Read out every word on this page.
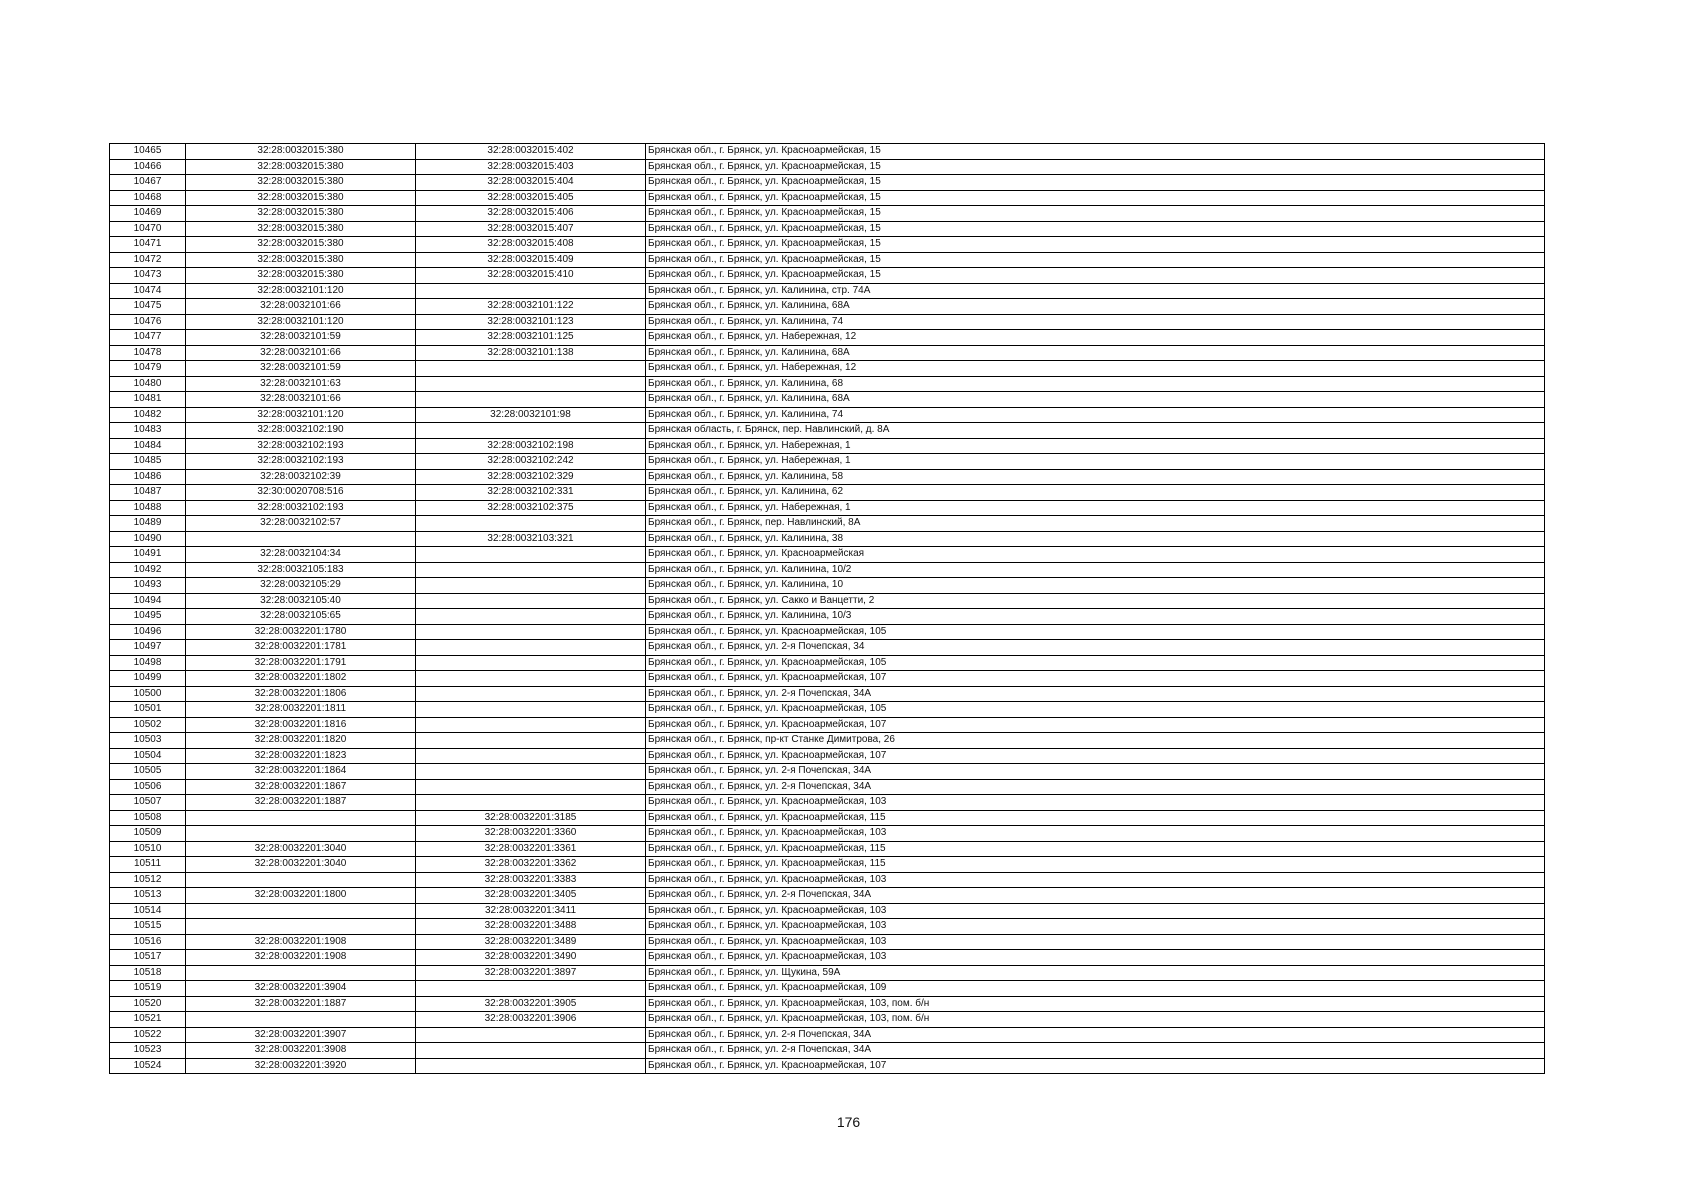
10465	32:28:0032015:380	32:28:0032015:402	Брянская обл., г. Брянск, ул. Красноармейская, 15
10466	32:28:0032015:380	32:28:0032015:403	Брянская обл., г. Брянск, ул. Красноармейская, 15
10467	32:28:0032015:380	32:28:0032015:404	Брянская обл., г. Брянск, ул. Красноармейская, 15
10468	32:28:0032015:380	32:28:0032015:405	Брянская обл., г. Брянск, ул. Красноармейская, 15
10469	32:28:0032015:380	32:28:0032015:406	Брянская обл., г. Брянск, ул. Красноармейская, 15
10470	32:28:0032015:380	32:28:0032015:407	Брянская обл., г. Брянск, ул. Красноармейская, 15
10471	32:28:0032015:380	32:28:0032015:408	Брянская обл., г. Брянск, ул. Красноармейская, 15
10472	32:28:0032015:380	32:28:0032015:409	Брянская обл., г. Брянск, ул. Красноармейская, 15
10473	32:28:0032015:380	32:28:0032015:410	Брянская обл., г. Брянск, ул. Красноармейская, 15
10474	32:28:0032101:120		Брянская обл., г. Брянск, ул. Калинина, стр. 74А
10475	32:28:0032101:66	32:28:0032101:122	Брянская обл., г. Брянск, ул. Калинина, 68А
10476	32:28:0032101:120	32:28:0032101:123	Брянская обл., г. Брянск, ул. Калинина, 74
10477	32:28:0032101:59	32:28:0032101:125	Брянская обл., г. Брянск, ул. Набережная, 12
10478	32:28:0032101:66	32:28:0032101:138	Брянская обл., г. Брянск, ул. Калинина, 68А
10479	32:28:0032101:59		Брянская обл., г. Брянск, ул. Набережная, 12
10480	32:28:0032101:63		Брянская обл., г. Брянск, ул. Калинина, 68
10481	32:28:0032101:66		Брянская обл., г. Брянск, ул. Калинина, 68А
10482	32:28:0032101:120	32:28:0032101:98	Брянская обл., г. Брянск, ул. Калинина, 74
10483	32:28:0032102:190		Брянская область, г. Брянск, пер. Навлинский, д. 8А
10484	32:28:0032102:193	32:28:0032102:198	Брянская обл., г. Брянск, ул. Набережная, 1
10485	32:28:0032102:193	32:28:0032102:242	Брянская обл., г. Брянск, ул. Набережная, 1
10486	32:28:0032102:39	32:28:0032102:329	Брянская обл., г. Брянск, ул. Калинина, 58
10487	32:30:0020708:516	32:28:0032102:331	Брянская обл., г. Брянск, ул. Калинина, 62
10488	32:28:0032102:193	32:28:0032102:375	Брянская обл., г. Брянск, ул. Набережная, 1
10489	32:28:0032102:57		Брянская обл., г. Брянск, пер. Навлинский, 8А
10490		32:28:0032103:321	Брянская обл., г. Брянск, ул. Калинина, 38
10491	32:28:0032104:34		Брянская обл., г. Брянск, ул. Красноармейская
10492	32:28:0032105:183		Брянская обл., г. Брянск, ул. Калинина, 10/2
10493	32:28:0032105:29		Брянская обл., г. Брянск, ул. Калинина, 10
10494	32:28:0032105:40		Брянская обл., г. Брянск, ул. Сакко и Ванцетти, 2
10495	32:28:0032105:65		Брянская обл., г. Брянск, ул. Калинина, 10/3
10496	32:28:0032201:1780		Брянская обл., г. Брянск, ул. Красноармейская, 105
10497	32:28:0032201:1781		Брянская обл., г. Брянск, ул. 2-я Почепская, 34
10498	32:28:0032201:1791		Брянская обл., г. Брянск, ул. Красноармейская, 105
10499	32:28:0032201:1802		Брянская обл., г. Брянск, ул. Красноармейская, 107
10500	32:28:0032201:1806		Брянская обл., г. Брянск, ул. 2-я Почепская, 34А
10501	32:28:0032201:1811		Брянская обл., г. Брянск, ул. Красноармейская, 105
10502	32:28:0032201:1816		Брянская обл., г. Брянск, ул. Красноармейская, 107
10503	32:28:0032201:1820		Брянская обл., г. Брянск, пр-кт Станке Димитрова, 26
10504	32:28:0032201:1823		Брянская обл., г. Брянск, ул. Красноармейская, 107
10505	32:28:0032201:1864		Брянская обл., г. Брянск, ул. 2-я Почепская, 34А
10506	32:28:0032201:1867		Брянская обл., г. Брянск, ул. 2-я Почепская, 34А
10507	32:28:0032201:1887		Брянская обл., г. Брянск, ул. Красноармейская, 103
10508		32:28:0032201:3185	Брянская обл., г. Брянск, ул. Красноармейская, 115
10509		32:28:0032201:3360	Брянская обл., г. Брянск, ул. Красноармейская, 103
10510	32:28:0032201:3040	32:28:0032201:3361	Брянская обл., г. Брянск, ул. Красноармейская, 115
10511	32:28:0032201:3040	32:28:0032201:3362	Брянская обл., г. Брянск, ул. Красноармейская, 115
10512		32:28:0032201:3383	Брянская обл., г. Брянск, ул. Красноармейская, 103
10513	32:28:0032201:1800	32:28:0032201:3405	Брянская обл., г. Брянск, ул. 2-я Почепская, 34А
10514		32:28:0032201:3411	Брянская обл., г. Брянск, ул. Красноармейская, 103
10515		32:28:0032201:3488	Брянская обл., г. Брянск, ул. Красноармейская, 103
10516	32:28:0032201:1908	32:28:0032201:3489	Брянская обл., г. Брянск, ул. Красноармейская, 103
10517	32:28:0032201:1908	32:28:0032201:3490	Брянская обл., г. Брянск, ул. Красноармейская, 103
10518		32:28:0032201:3897	Брянская обл., г. Брянск, ул. Щукина, 59А
10519	32:28:0032201:3904		Брянская обл., г. Брянск, ул. Красноармейская, 109
10520	32:28:0032201:1887	32:28:0032201:3905	Брянская обл., г. Брянск, ул. Красноармейская, 103, пом. б/н
10521		32:28:0032201:3906	Брянская обл., г. Брянск, ул. Красноармейская, 103, пом. б/н
10522	32:28:0032201:3907		Брянская обл., г. Брянск, ул. 2-я Почепская, 34А
10523	32:28:0032201:3908		Брянская обл., г. Брянск, ул. 2-я Почепская, 34А
10524	32:28:0032201:3920		Брянская обл., г. Брянск, ул. Красноармейская, 107
176
